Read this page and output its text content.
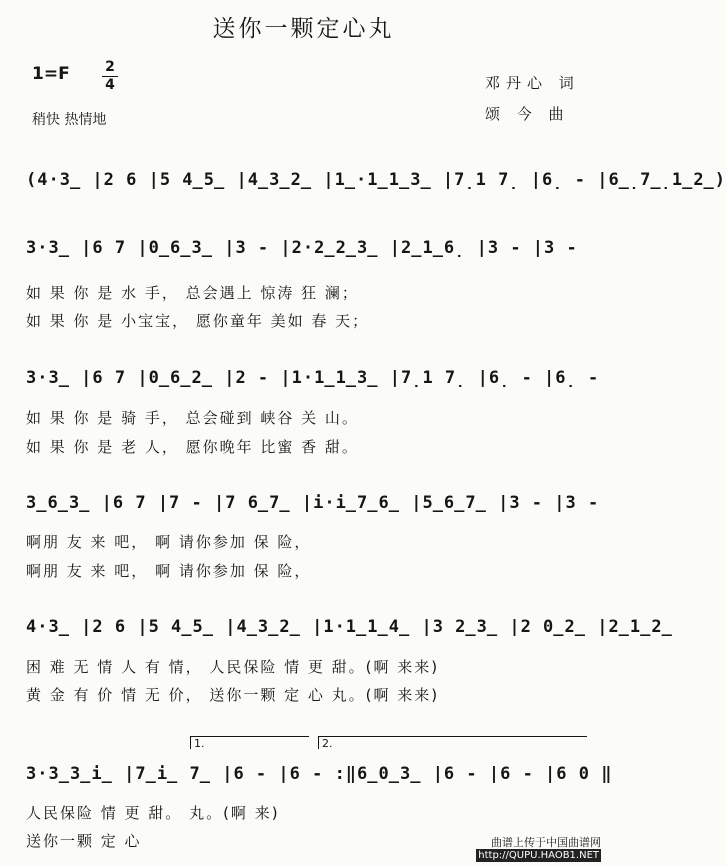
送你一颗定心丸
1=F	2
4
稍快 热情地
邓丹心 词
颂 今 曲
(4·3̲ |2 6 |5 4̲5̲ |4̲3̲2̲ |1̲·1̲1̲3̲ |7̣1 7̣ |6̣ - |6̲̣7̲̣1̲2̲)
3·3̲ |6 7 |0̲6̲3̲ |3 - |2·2̲2̲3̲ |2̲1̲6̣ |3 - |3 -
如 果 你 是 水 手， 总会遇上 惊涛 狂 澜；
如 果 你 是 小宝宝， 愿你童年 美如 春 天；
3·3̲ |6 7 |0̲6̲2̲ |2 - |1·1̲1̲3̲ |7̣1 7̣ |6̣ - |6̣ -
如 果 你 是 骑 手， 总会碰到 峡谷 关 山。
如 果 你 是 老 人， 愿你晚年 比蜜 香 甜。
3̲6̲3̲ |6 7 |7 - |7 6̲7̲ |i·i̲7̲6̲ |5̲6̲7̲ |3 - |3 -
啊朋 友 来 吧， 啊 请你参加 保 险，
啊朋 友 来 吧， 啊 请你参加 保 险，
4·3̲ |2 6 |5 4̲5̲ |4̲3̲2̲ |1·1̲1̲4̲ |3 2̲3̲ |2 0̲2̲ |2̲1̲2̲
困 难 无 情 人 有 情， 人民保险 情 更 甜。(啊 来来)
黄 金 有 价 情 无 价， 送你一颗 定 心 丸。(啊 来来)
1.	2.
3·3̲3̲i̲ |7̲i̲ 7̲ |6 - |6 - :‖6̲0̲3̲ |6 - |6 - |6 0 ‖
人民保险 情 更 甜。 丸。(啊 来)
送你一颗 定 心	曲谱上传于中国曲谱网

http://QUPU.HAOB1.NET
